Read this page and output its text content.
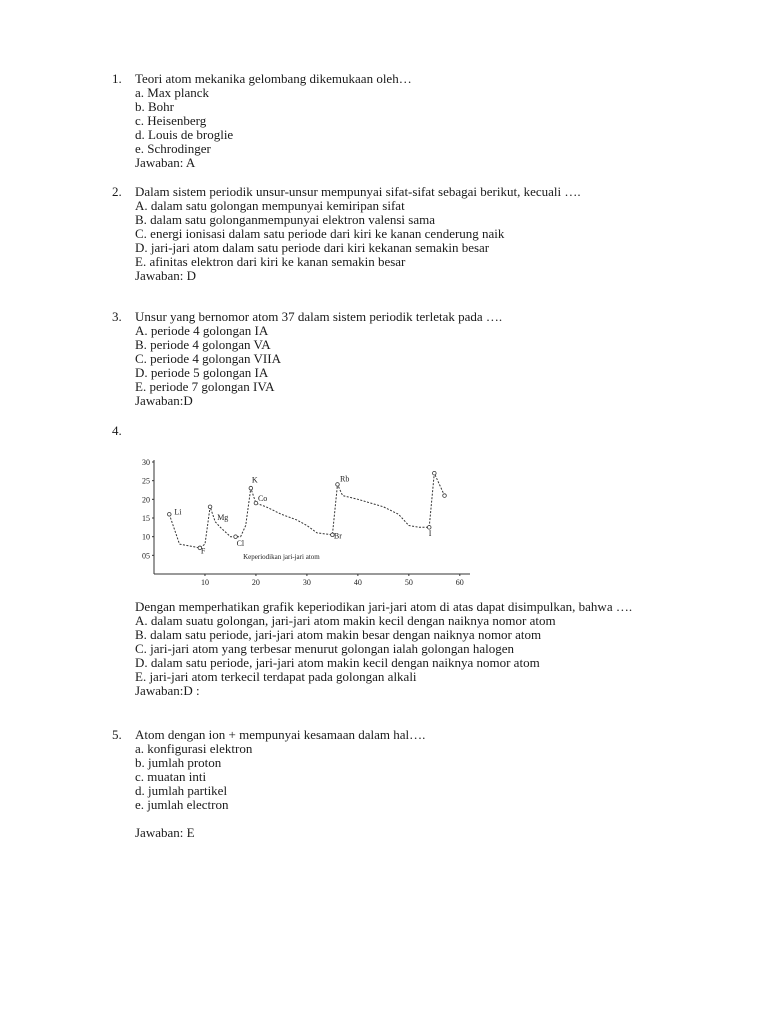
1. Teori atom mekanika gelombang dikemukaan oleh…
a. Max planck
b. Bohr
c. Heisenberg
d. Louis de broglie
e. Schrodinger
Jawaban: A
2. Dalam sistem periodik unsur-unsur mempunyai sifat-sifat sebagai berikut, kecuali ….
A. dalam satu golongan mempunyai kemiripan sifat
B. dalam satu golonganmempunyai elektron valensi sama
C. energi ionisasi dalam satu periode dari kiri ke kanan cenderung naik
D. jari-jari atom dalam satu periode dari kiri kekanan semakin besar
E. afinitas elektron dari kiri ke kanan semakin besar
Jawaban: D
3. Unsur yang bernomor atom 37 dalam sistem periodik terletak pada ….
A. periode 4 golongan IA
B. periode 4 golongan VA
C. periode 4 golongan VIIA
D. periode 5 golongan IA
E. periode 7 golongan IVA
Jawaban:D
4.
05
10
15
20
25
30
10	20	30	40	50	60
Li
F
Mg
Cl
K
Co
Br
Rb
I
Keperiodikan jari-jari atom
Dengan memperhatikan grafik keperiodikan jari-jari atom di atas dapat disimpulkan, bahwa ….
A. dalam suatu golongan, jari-jari atom makin kecil dengan naiknya nomor atom
B. dalam satu periode, jari-jari atom makin besar dengan naiknya nomor atom
C. jari-jari atom yang terbesar menurut golongan ialah golongan halogen
D. dalam satu periode, jari-jari atom makin kecil dengan naiknya nomor atom
E. jari-jari atom terkecil terdapat pada golongan alkali
Jawaban:D :
5. Atom dengan ion + mempunyai kesamaan dalam hal….
a. konfigurasi elektron
b. jumlah proton
c. muatan inti
d. jumlah partikel
e. jumlah electron
Jawaban: E
